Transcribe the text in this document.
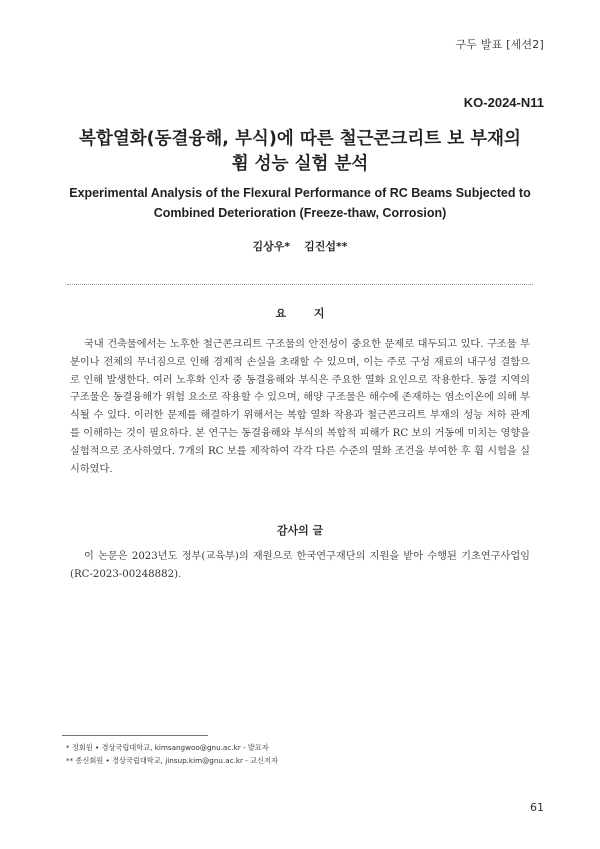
구두 발표 [세션2]
KO-2024-N11
복합열화(동결융해, 부식)에 따른 철근콘크리트 보 부재의
휨 성능 실험 분석
Experimental Analysis of the Flexural Performance of RC Beams Subjected to
Combined Deterioration (Freeze-thaw, Corrosion)
김상우* 김진섭**
요 지

국내 건축물에서는 노후한 철근콘크리트 구조물의 안전성이 중요한 문제로 대두되고 있다. 구조물 부분이나 전체의 무너짐으로 인해 경제적 손실을 초래할 수 있으며, 이는 주로 구성 재료의 내구성 결함으로 인해 발생한다. 여러 노후화 인자 중 동결융해와 부식은 주요한 열화 요인으로 작용한다. 동결 지역의 구조물은 동결융해가 위험 요소로 작용할 수 있으며, 해양 구조물은 해수에 존재하는 염소이온에 의해 부식될 수 있다. 이러한 문제를 해결하기 위해서는 복합 열화 작용과 철근콘크리트 부재의 성능 저하 관계를 이해하는 것이 필요하다. 본 연구는 동결융해와 부식의 복합적 피해가 RC 보의 거동에 미치는 영향을 실험적으로 조사하였다. 7개의 RC 보를 제작하여 각각 다른 수준의 열화 조건을 부여한 후 휨 시험을 실시하였다.

감사의 글

이 논문은 2023년도 정부(교육부)의 재원으로 한국연구재단의 지원을 받아 수행된 기초연구사업임(RC-2023-00248882).

* 정회원 • 경상국립대학교, kimsangwoo@gnu.ac.kr - 발표자
** 종신회원 • 경상국립대학교, jinsup.kim@gnu.ac.kr - 교신저자
61
